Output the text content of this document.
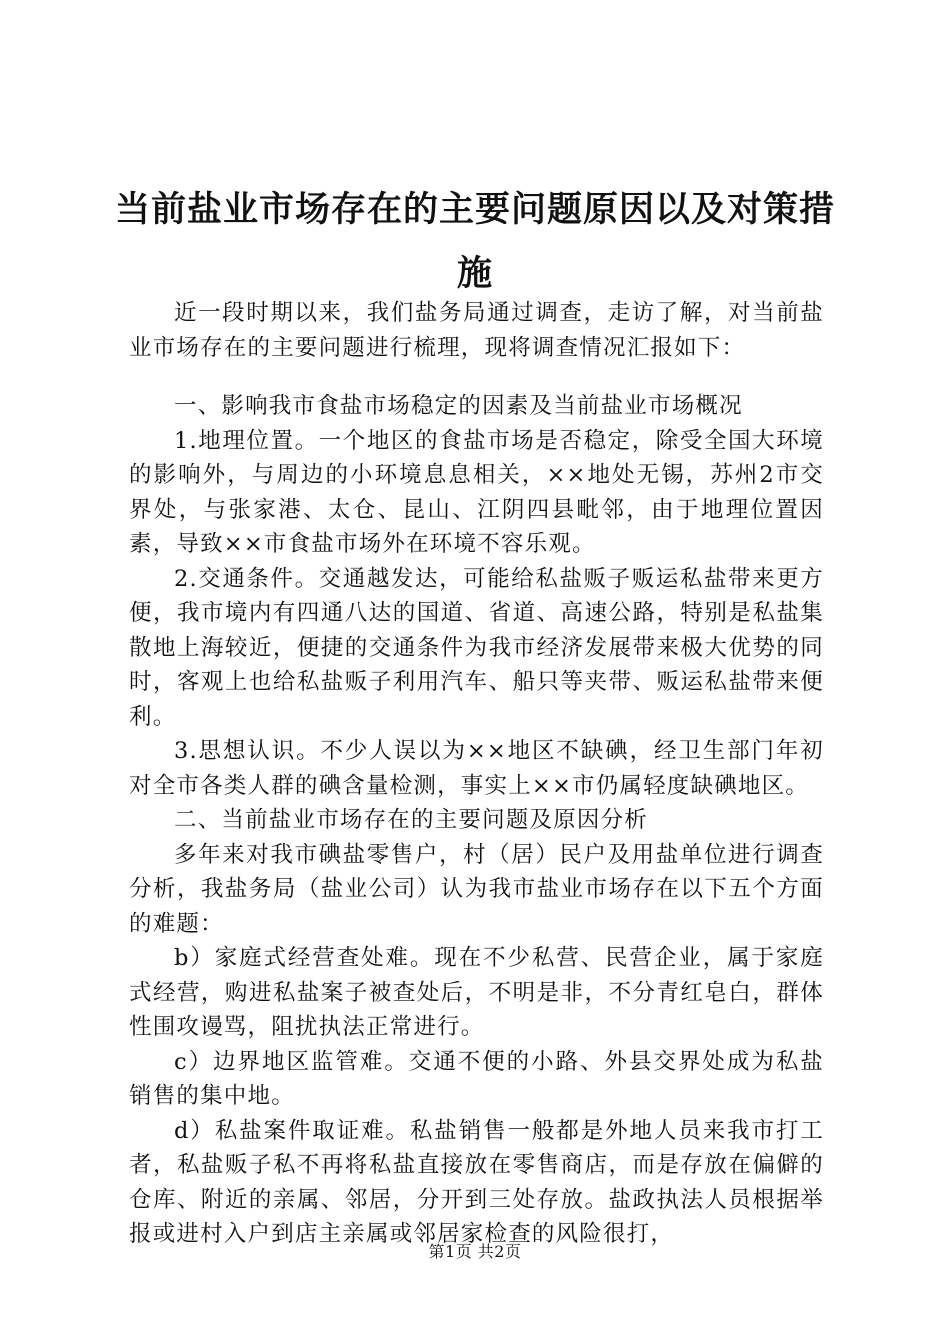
当前盐业市场存在的主要问题原因以及对策措施

近一段时期以来，我们盐务局通过调查，走访了解，对当前盐业市场存在的主要问题进行梳理，现将调查情况汇报如下：

一、影响我市食盐市场稳定的因素及当前盐业市场概况

1.地理位置。一个地区的食盐市场是否稳定，除受全国大环境的影响外，与周边的小环境息息相关，××地处无锡，苏州2市交界处，与张家港、太仓、昆山、江阴四县毗邻，由于地理位置因素，导致××市食盐市场外在环境不容乐观。

2.交通条件。交通越发达，可能给私盐贩子贩运私盐带来更方便，我市境内有四通八达的国道、省道、高速公路，特别是私盐集散地上海较近，便捷的交通条件为我市经济发展带来极大优势的同时，客观上也给私盐贩子利用汽车、船只等夹带、贩运私盐带来便利。

3.思想认识。不少人误以为××地区不缺碘，经卫生部门年初对全市各类人群的碘含量检测，事实上××市仍属轻度缺碘地区。

二、当前盐业市场存在的主要问题及原因分析

多年来对我市碘盐零售户，村（居）民户及用盐单位进行调查分析，我盐务局（盐业公司）认为我市盐业市场存在以下五个方面的难题：

b）家庭式经营查处难。现在不少私营、民营企业，属于家庭式经营，购进私盐案子被查处后，不明是非，不分青红皂白，群体性围攻谩骂，阻扰执法正常进行。

c）边界地区监管难。交通不便的小路、外县交界处成为私盐销售的集中地。

d）私盐案件取证难。私盐销售一般都是外地人员来我市打工者，私盐贩子私不再将私盐直接放在零售商店，而是存放在偏僻的仓库、附近的亲属、邻居，分开到三处存放。盐政执法人员根据举报或进村入户到店主亲属或邻居家检查的风险很打，

第1页 共2页
